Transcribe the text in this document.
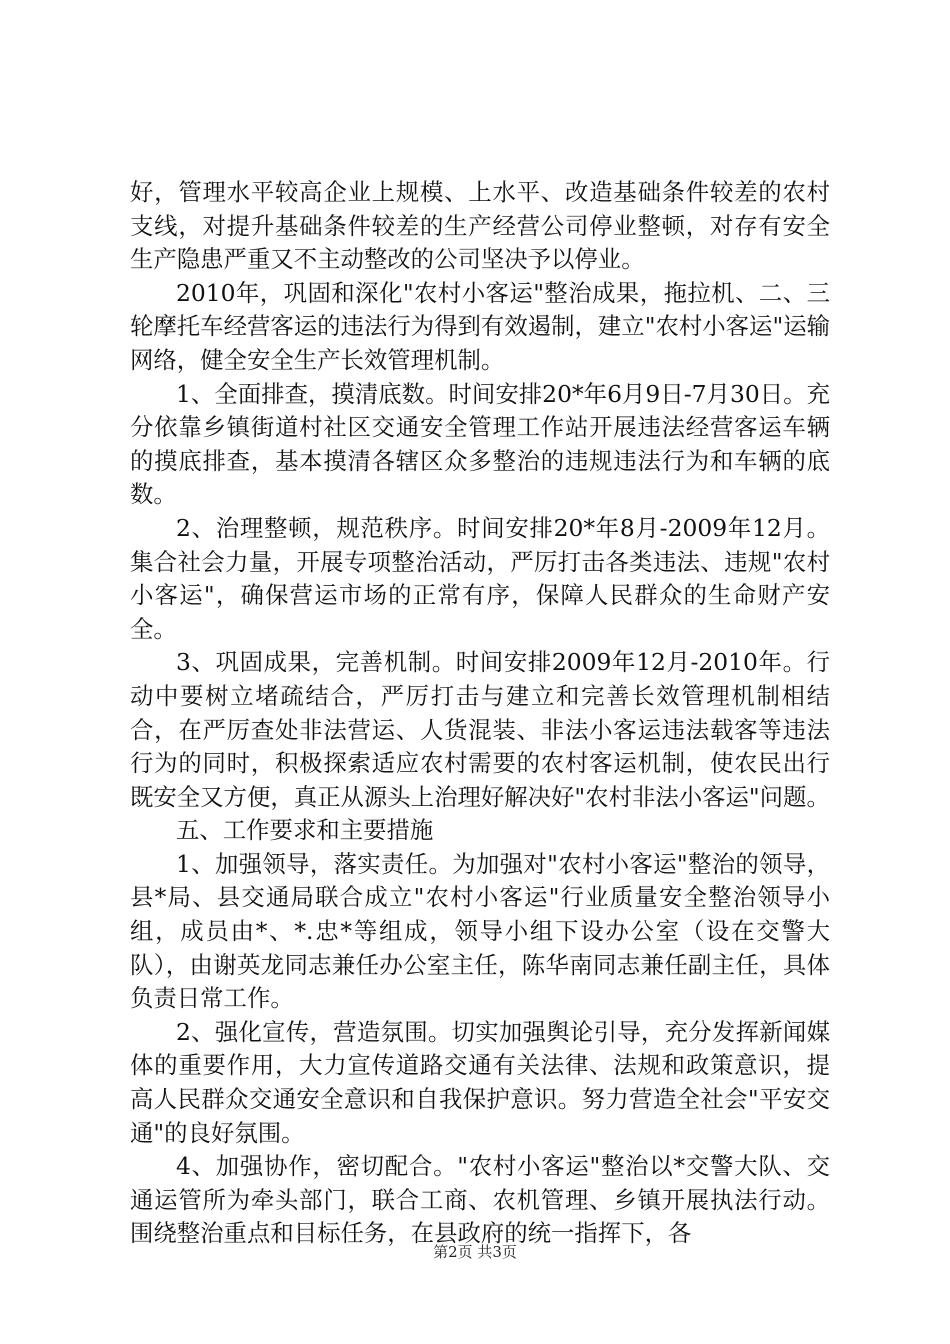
好，管理水平较高企业上规模、上水平、改造基础条件较差的农村支线，对提升基础条件较差的生产经营公司停业整顿，对存有安全生产隐患严重又不主动整改的公司坚决予以停业。

2010年，巩固和深化"农村小客运"整治成果，拖拉机、二、三轮摩托车经营客运的违法行为得到有效遏制，建立"农村小客运"运输网络，健全安全生产长效管理机制。

1、全面排查，摸清底数。时间安排20*年6月9日-7月30日。充分依靠乡镇街道村社区交通安全管理工作站开展违法经营客运车辆的摸底排查，基本摸清各辖区众多整治的违规违法行为和车辆的底数。

2、治理整顿，规范秩序。时间安排20*年8月-2009年12月。集合社会力量，开展专项整治活动，严厉打击各类违法、违规"农村小客运"，确保营运市场的正常有序，保障人民群众的生命财产安全。

3、巩固成果，完善机制。时间安排2009年12月-2010年。行动中要树立堵疏结合，严厉打击与建立和完善长效管理机制相结合，在严厉查处非法营运、人货混装、非法小客运违法载客等违法行为的同时，积极探索适应农村需要的农村客运机制，使农民出行既安全又方便，真正从源头上治理好解决好"农村非法小客运"问题。

五、工作要求和主要措施

1、加强领导，落实责任。为加强对"农村小客运"整治的领导，县*局、县交通局联合成立"农村小客运"行业质量安全整治领导小组，成员由*、*.忠*等组成，领导小组下设办公室（设在交警大队），由谢英龙同志兼任办公室主任，陈华南同志兼任副主任，具体负责日常工作。

2、强化宣传，营造氛围。切实加强舆论引导，充分发挥新闻媒体的重要作用，大力宣传道路交通有关法律、法规和政策意识，提高人民群众交通安全意识和自我保护意识。努力营造全社会"平安交通"的良好氛围。

4、加强协作，密切配合。"农村小客运"整治以*交警大队、交通运管所为牵头部门，联合工商、农机管理、乡镇开展执法行动。围绕整治重点和目标任务，在县政府的统一指挥下，各

第2页 共3页
